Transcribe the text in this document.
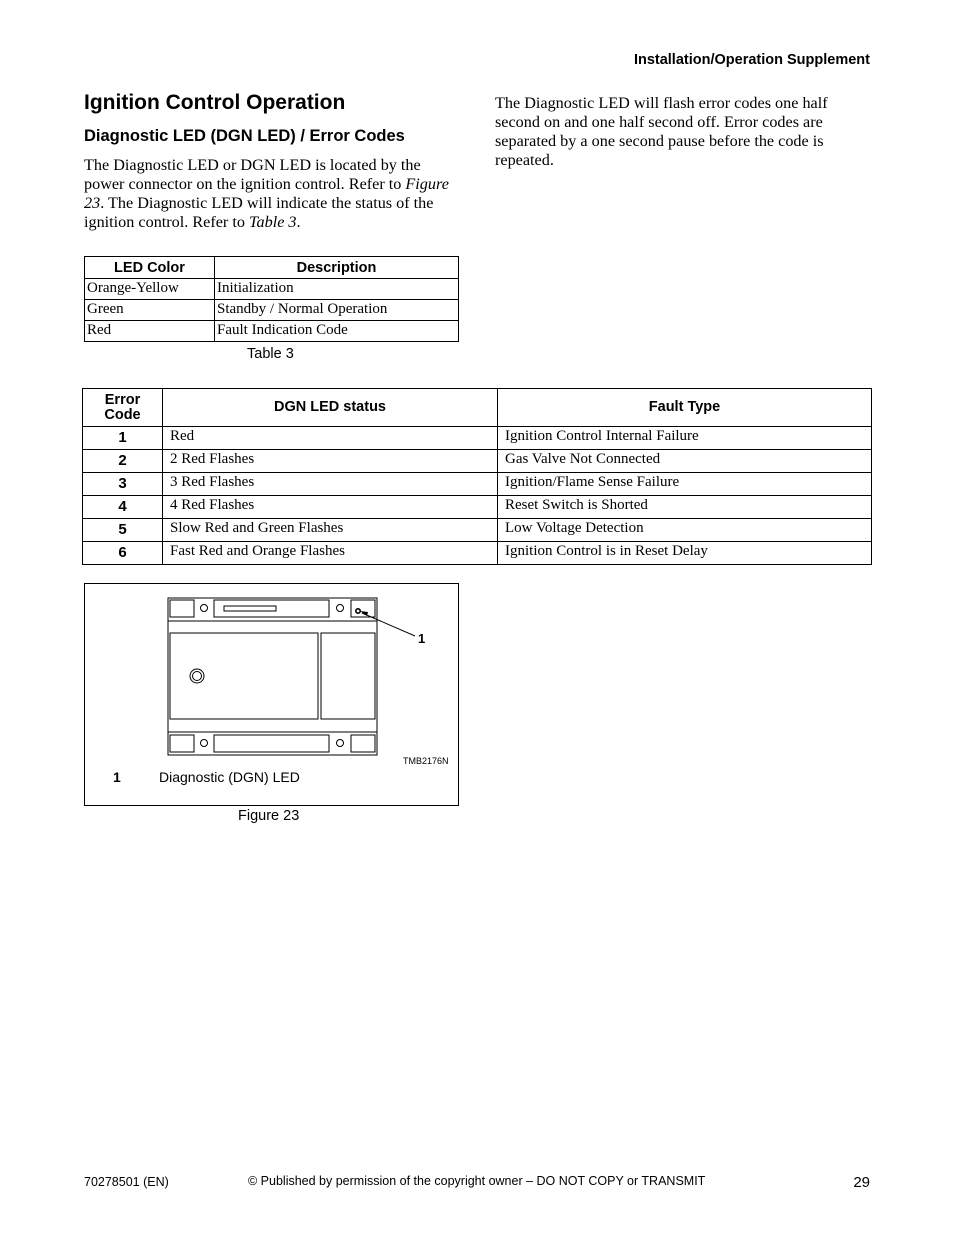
Installation/Operation Supplement
Ignition Control Operation
Diagnostic LED (DGN LED) / Error Codes
The Diagnostic LED or DGN LED is located by the power connector on the ignition control. Refer to Figure 23. The Diagnostic LED will indicate the status of the ignition control. Refer to Table 3.
The Diagnostic LED will flash error codes one half second on and one half second off. Error codes are separated by a one second pause before the code is repeated.
LED Color	Description
Orange-Yellow	Initialization
Green	Standby / Normal Operation
Red	Fault Indication Code
Table 3
Error Code	DGN LED status	Fault Type
1	Red	Ignition Control Internal Failure
2	2 Red Flashes	Gas Valve Not Connected
3	3 Red Flashes	Ignition/Flame Sense Failure
4	4 Red Flashes	Reset Switch is Shorted
5	Slow Red and Green Flashes	Low Voltage Detection
6	Fast Red and Orange Flashes	Ignition Control is in Reset Delay
1
TMB2176N
1	Diagnostic (DGN) LED
Figure 23
70278501 (EN)	© Published by permission of the copyright owner – DO NOT COPY or TRANSMIT	29
